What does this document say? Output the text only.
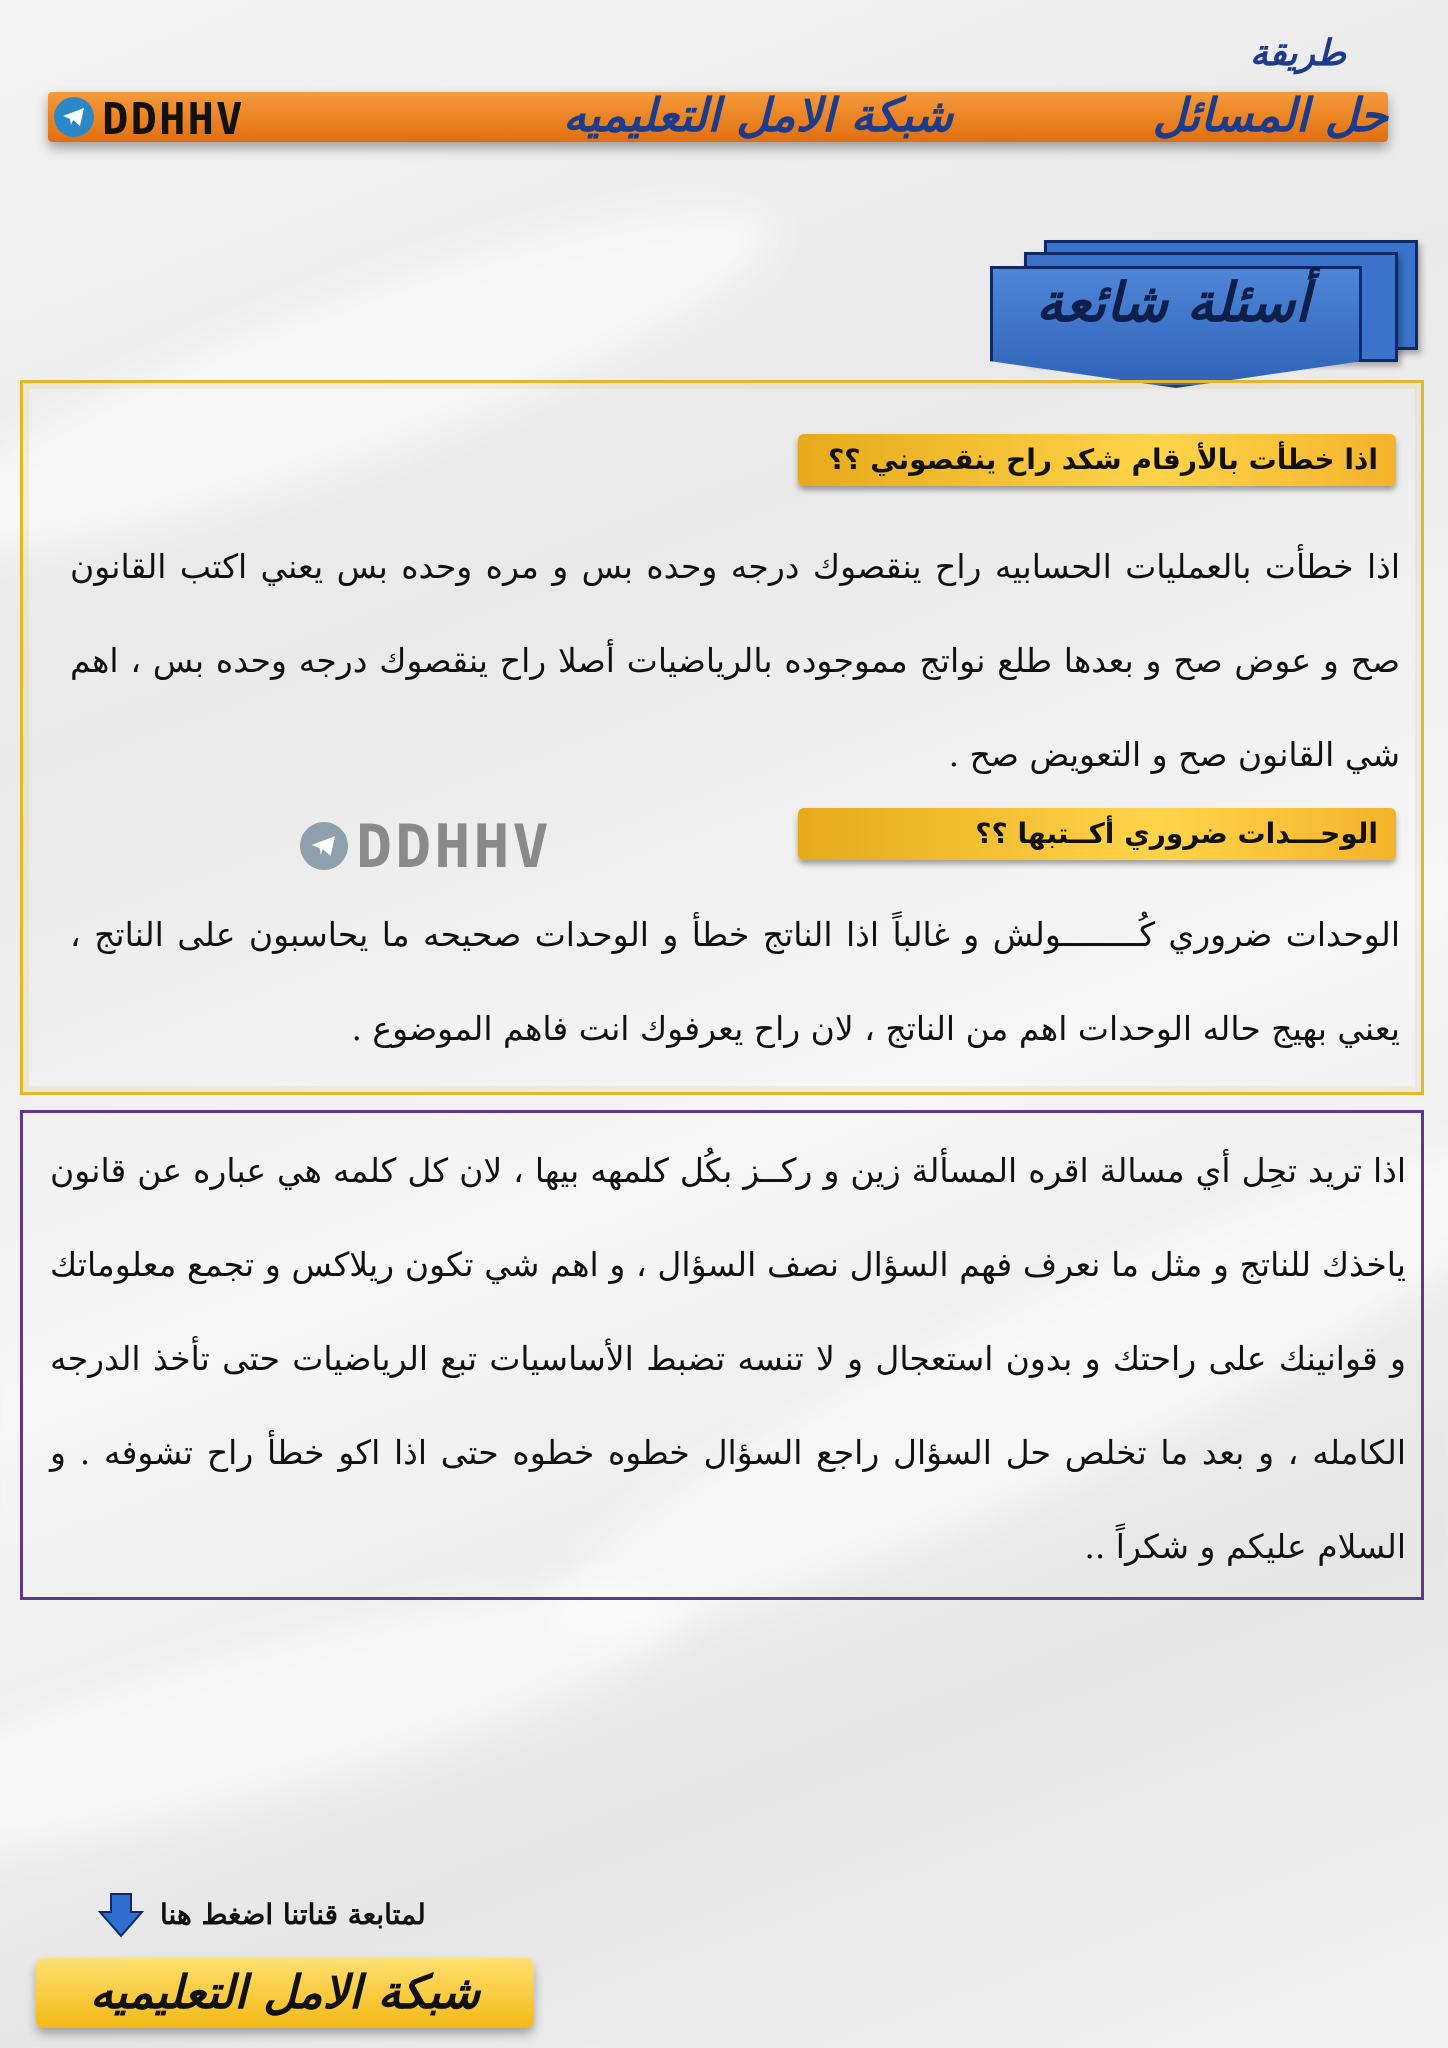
DDHHV	شبكة الامل التعليميه	حل المسائل
طريقة
أسئلة شائعة
اذا خطأت بالأرقام شكد راح ينقصوني ؟؟
اذا خطأت بالعمليات الحسابيه راح ينقصوك درجه وحده بس و مره وحده بس يعني اكتب القانون صح و عوض صح و بعدها طلع نواتج مموجوده بالرياضيات أصلا راح ينقصوك درجه وحده بس ، اهم شي القانون صح و التعويض صح .
DDHHV	الوحـــدات ضروري أكــتبها ؟؟
الوحدات ضروري كُــــــــولش و غالباً اذا الناتج خطأ و الوحدات صحيحه ما يحاسبون على الناتج ، يعني بهيج حاله الوحدات اهم من الناتج ، لان راح يعرفوك انت فاهم الموضوع .
اذا تريد تحِل أي مسالة اقره المسألة زين و ركــز بكُل كلمهه بيها ، لان كل كلمه هي عباره عن قانون ياخذك للناتج و مثل ما نعرف فهم السؤال نصف السؤال ، و اهم شي تكون ريلاكس و تجمع معلوماتك و قوانينك على راحتك و بدون استعجال و لا تنسه تضبط الأساسيات تبع الرياضيات حتى تأخذ الدرجه الكامله ، و بعد ما تخلص حل السؤال راجع السؤال خطوه خطوه حتى اذا اكو خطأ راح تشوفه . و السلام عليكم و شكراً ..
لمتابعة قناتنا اضغط هنا
شبكة الامل التعليميه
